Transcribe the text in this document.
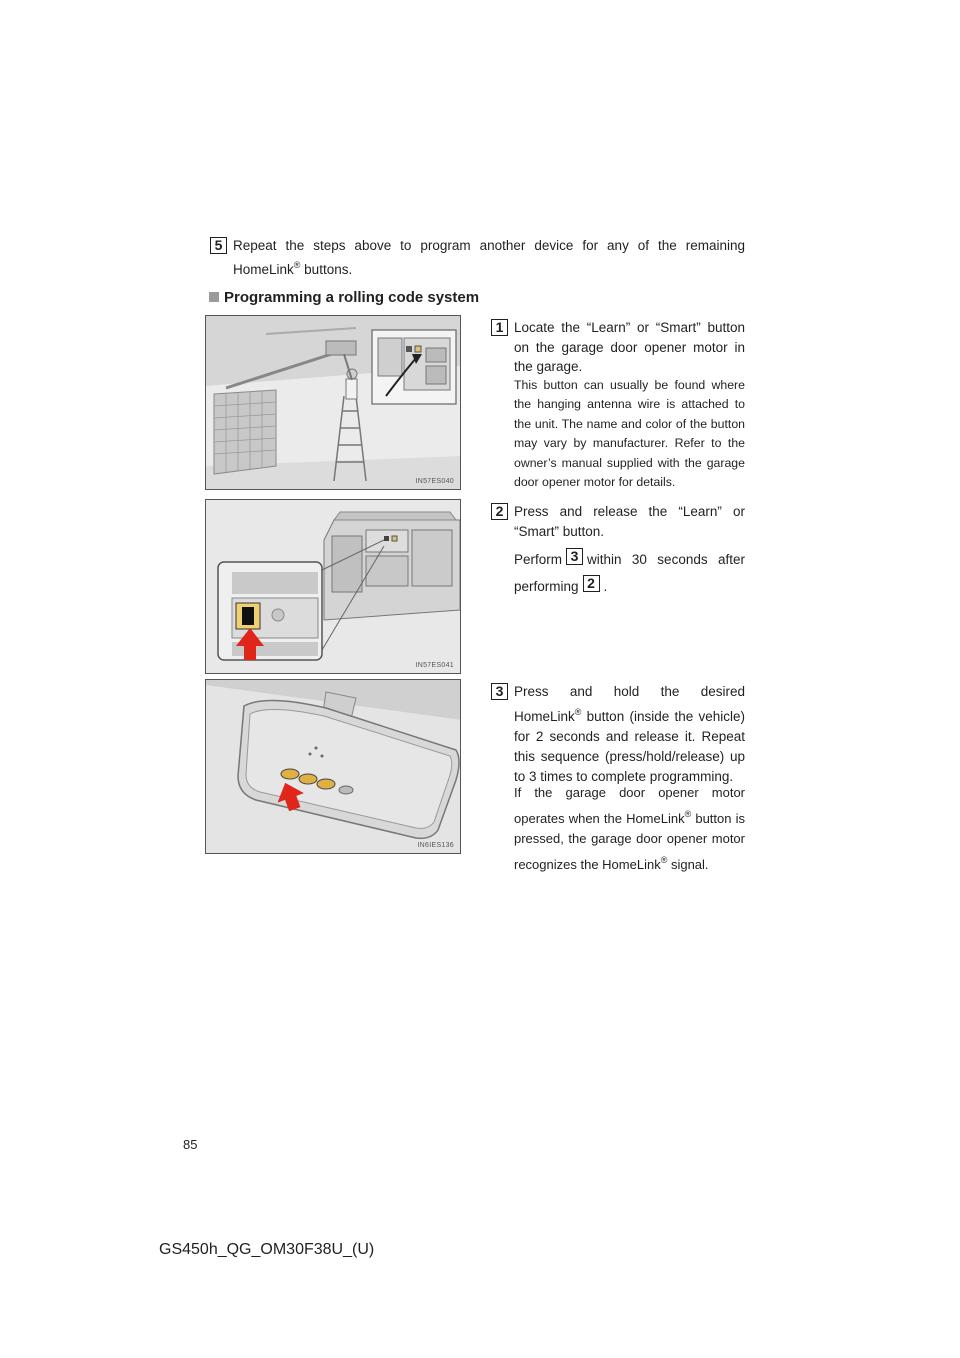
5 Repeat the steps above to program another device for any of the remaining HomeLink® buttons.
Programming a rolling code system
IN57ES040
1 Locate the “Learn” or “Smart” button on the garage door opener motor in the garage.
This button can usually be found where the hanging antenna wire is attached to the unit. The name and color of the button may vary by manufacturer. Refer to the owner’s manual supplied with the garage door opener motor for details.
IN57ES041
2 Press and release the “Learn” or “Smart” button.
Perform 3 within 30 seconds after performing 2 .
IN6IES136
3 Press and hold the desired HomeLink® button (inside the vehicle) for 2 seconds and release it. Repeat this sequence (press/hold/release) up to 3 times to complete programming.
If the garage door opener motor operates when the HomeLink® button is pressed, the garage door opener motor recognizes the HomeLink® signal.
85
GS450h_QG_OM30F38U_(U)
